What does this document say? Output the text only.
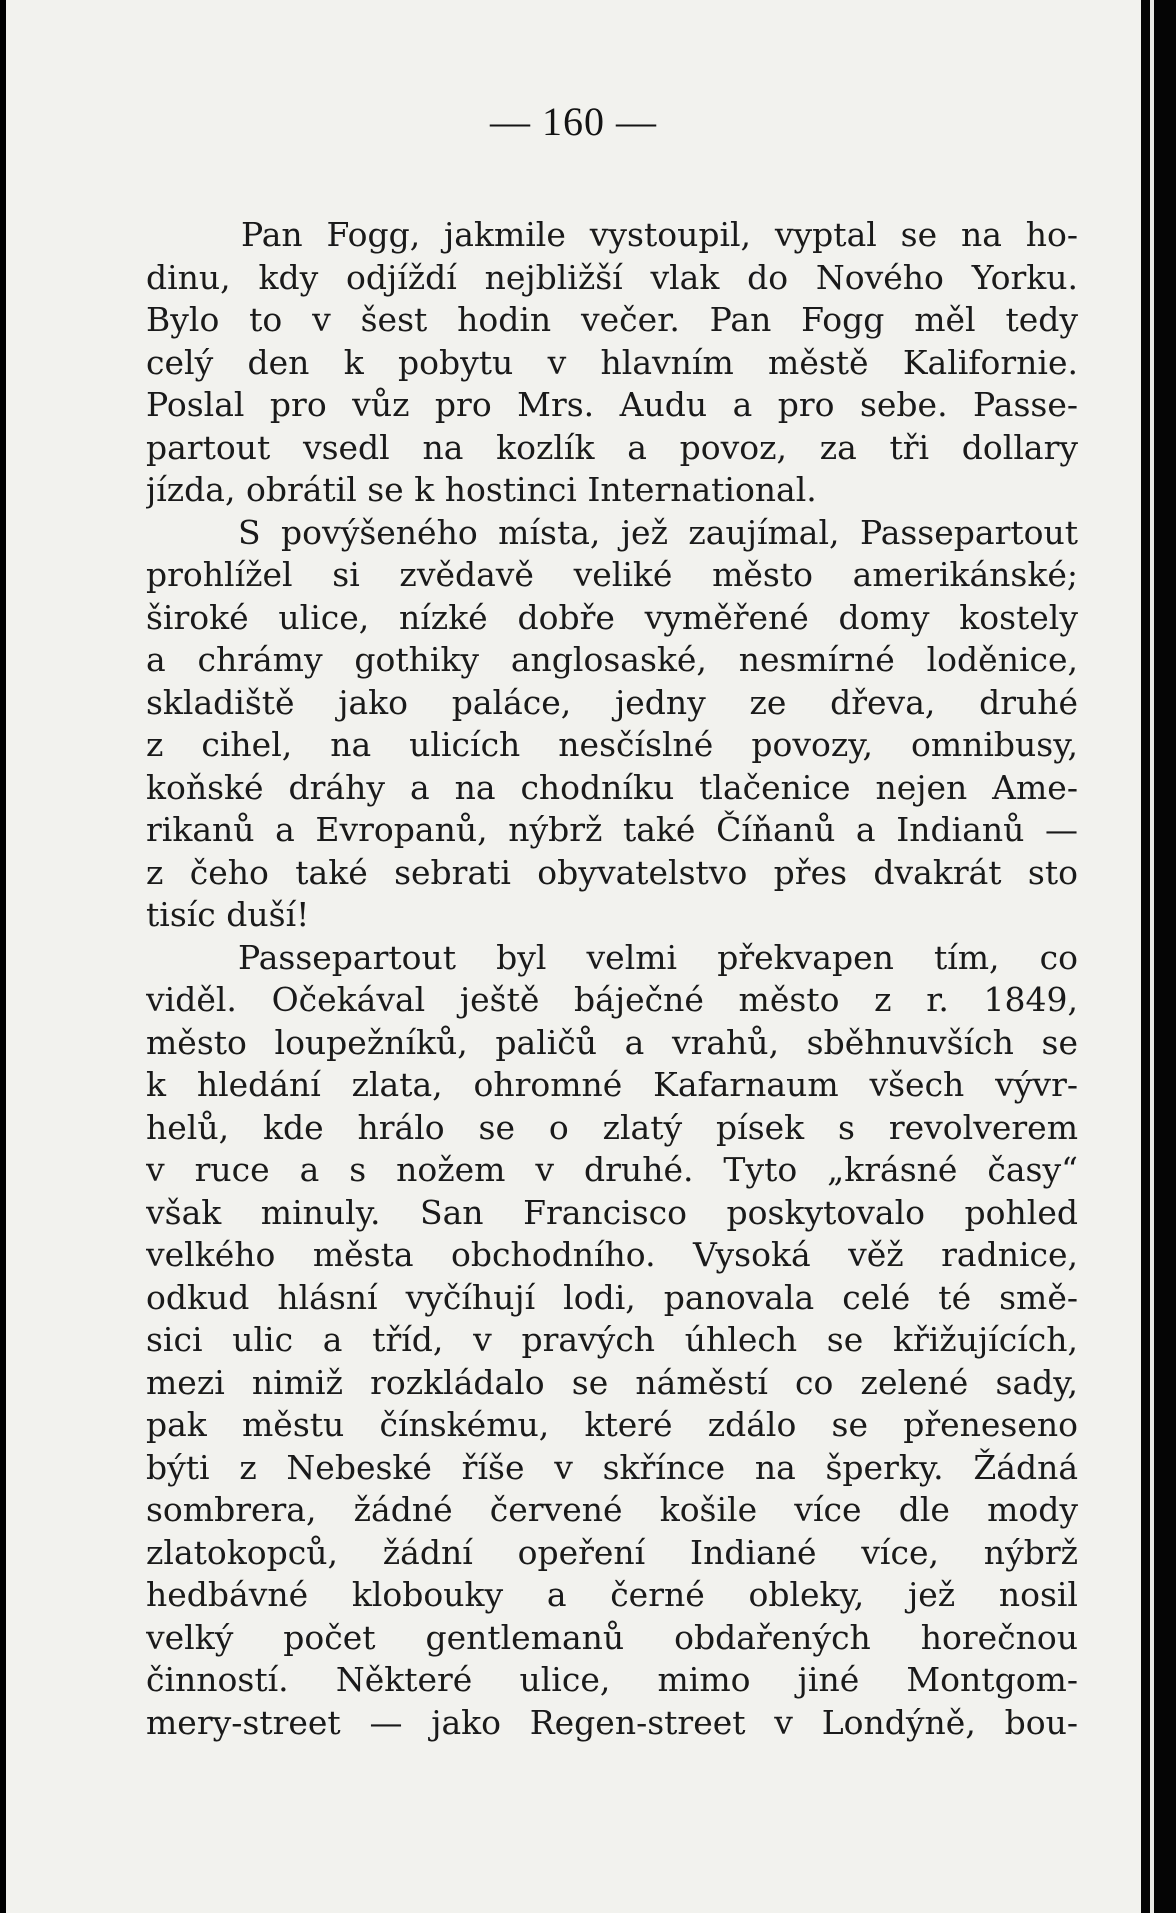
— 160 —
Pan Fogg, jakmile vystoupil, vyptal se na ho-
dinu, kdy odjíždí nejbližší vlak do Nového Yorku.
Bylo to v šest hodin večer. Pan Fogg měl tedy
celý den k pobytu v hlavním městě Kalifornie.
Poslal pro vůz pro Mrs. Audu a pro sebe. Passe-
partout vsedl na kozlík a povoz, za tři dollary
jízda, obrátil se k hostinci International.
S povýšeného místa, jež zaujímal, Passepartout
prohlížel si zvědavě veliké město amerikánské;
široké ulice, nízké dobře vyměřené domy kostely
a chrámy gothiky anglosaské, nesmírné loděnice,
skladiště jako paláce, jedny ze dřeva, druhé
z cihel, na ulicích nesčíslné povozy, omnibusy,
koňské dráhy a na chodníku tlačenice nejen Ame-
rikanů a Evropanů, nýbrž také Číňanů a Indianů —
z čeho také sebrati obyvatelstvo přes dvakrát sto
tisíc duší!
Passepartout byl velmi překvapen tím, co
viděl. Očekával ještě báječné město z r. 1849,
město loupežníků, paličů a vrahů, sběhnuvších se
k hledání zlata, ohromné Kafarnaum všech vývr-
helů, kde hrálo se o zlatý písek s revolverem
v ruce a s nožem v druhé. Tyto „krásné časy“
však minuly. San Francisco poskytovalo pohled
velkého města obchodního. Vysoká věž radnice,
odkud hlásní vyčíhují lodi, panovala celé té smě-
sici ulic a tříd, v pravých úhlech se křižujících,
mezi nimiž rozkládalo se náměstí co zelené sady,
pak městu čínskému, které zdálo se přeneseno
býti z Nebeské říše v skřínce na šperky. Žádná
sombrera, žádné červené košile více dle mody
zlatokopců, žádní opeření Indiané více, nýbrž
hedbávné klobouky a černé obleky, jež nosil
velký počet gentlemanů obdařených horečnou
činností. Některé ulice, mimo jiné Montgom-
mery-street — jako Regen-street v Londýně, bou-
